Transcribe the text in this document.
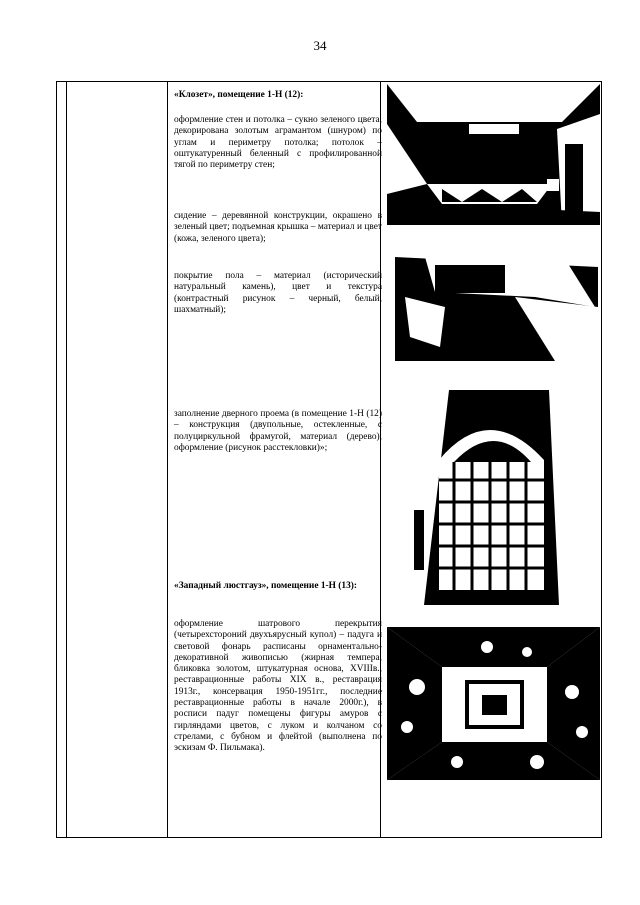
34

«Клозет», помещение 1-Н (12):

оформление стен и потолка – сукно зеленого цвета, декорирована золотым аграмантом (шнуром) по углам и периметру потолка; потолок – оштукатуренный беленный с профилированной тягой по периметру стен;

сидение – деревянной конструкции, окрашено в зеленый цвет; подъемная крышка – материал и цвет (кожа, зеленого цвета);

покрытие пола – материал (исторический натуральный камень), цвет и текстура (контрастный рисунок – черный, белый, шахматный);

заполнение дверного проема (в помещение 1-Н (12) – конструкция (двупольные, остекленные, с полуциркульной фрамугой, материал (дерево), оформление (рисунок расстекловки)»;

«Западный люстгауз», помещение 1-Н (13):

оформление шатрового перекрытия (четырехстороний двухъярусный купол) – падуга и световой фонарь расписаны орнаментально-декоративной живописью (жирная темпера, бликовка золотом, штукатурная основа, XVIIIв., реставрационные работы XIX в., реставрация 1913г., консервация 1950-1951гг., последние реставрационные работы в начале 2000г.), в росписи падуг помещены фигуры амуров с гирляндами цветов, с луком и колчаном со стрелами, с бубном и флейтой (выполнена по эскизам Ф. Пильмака).
